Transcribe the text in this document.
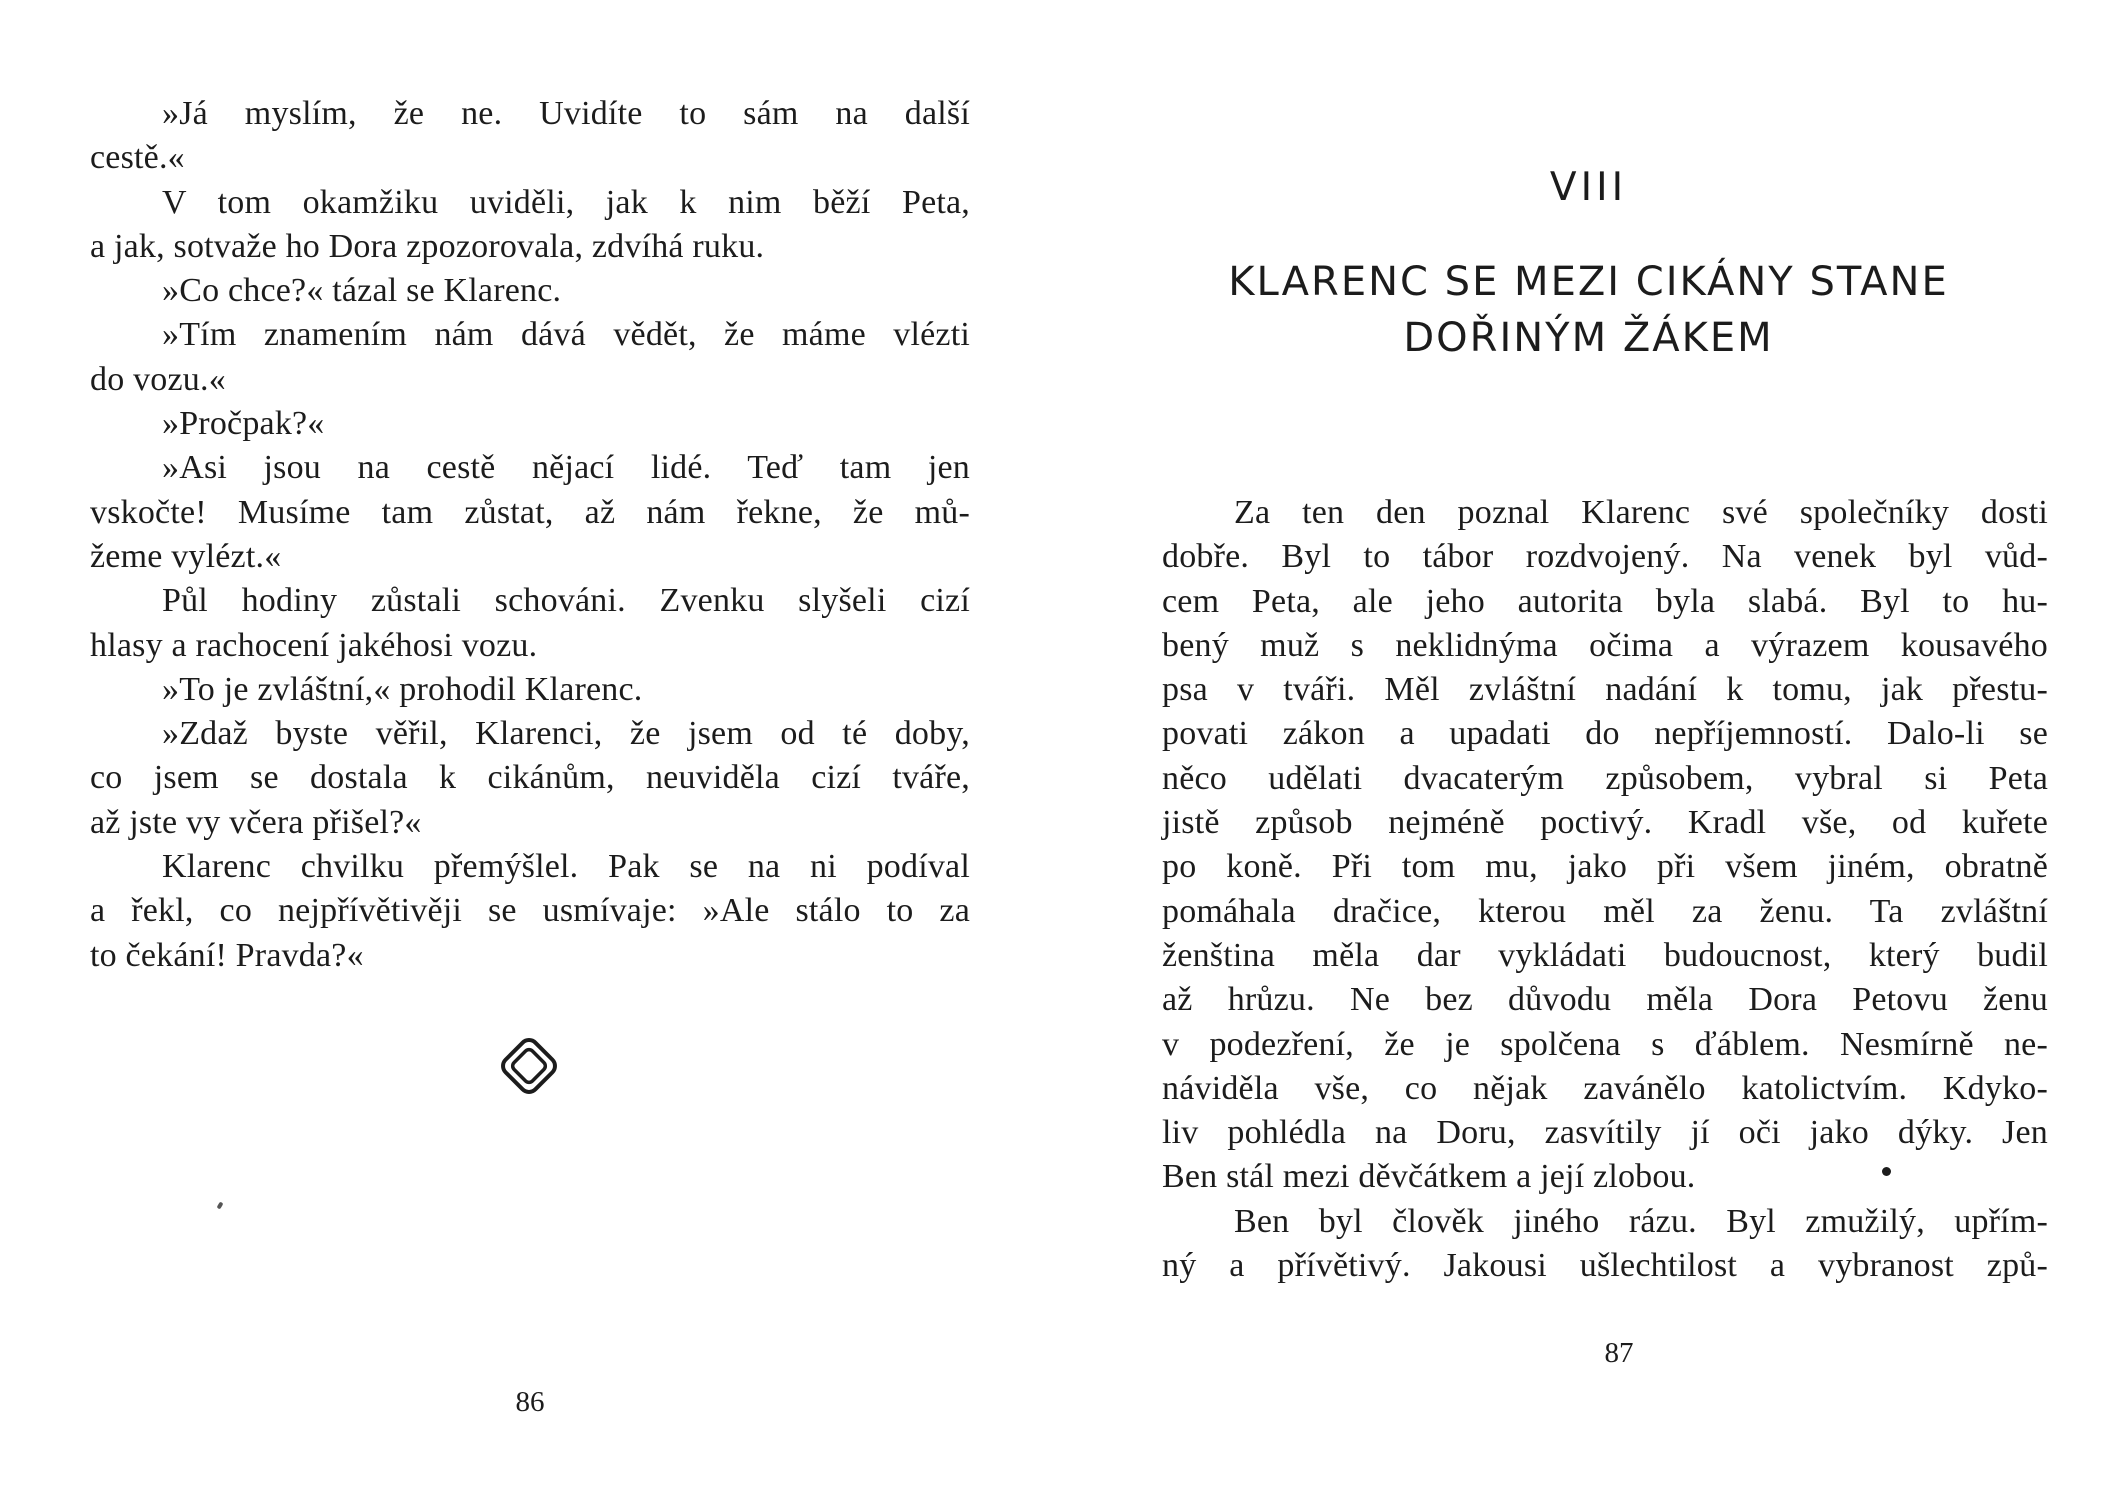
»Já myslím, že ne. Uvidíte to sám na další
cestě.«
V tom okamžiku uviděli, jak k nim běží Peta,
a jak, sotvaže ho Dora zpozorovala, zdvíhá ruku.
»Co chce?« tázal se Klarenc.
»Tím znamením nám dává vědět, že máme vlézti
do vozu.«
»Pročpak?«
»Asi jsou na cestě nějací lidé. Teď tam jen
vskočte! Musíme tam zůstat, až nám řekne, že mů-
žeme vylézt.«
Půl hodiny zůstali schováni. Zvenku slyšeli cizí
hlasy a rachocení jakéhosi vozu.
»To je zvláštní,« prohodil Klarenc.
»Zdaž byste věřil, Klarenci, že jsem od té doby,
co jsem se dostala k cikánům, neuviděla cizí tváře,
až jste vy včera přišel?«
Klarenc chvilku přemýšlel. Pak se na ni podíval
a řekl, co nejpřívětivěji se usmívaje: »Ale stálo to za
to čekání! Pravda?«
86
VIII
KLARENC SE MEZI CIKÁNY STANE
DOŘINÝM ŽÁKEM
Za ten den poznal Klarenc své společníky dosti
dobře. Byl to tábor rozdvojený. Na venek byl vůd-
cem Peta, ale jeho autorita byla slabá. Byl to hu-
bený muž s neklidnýma očima a výrazem kousavého
psa v tváři. Měl zvláštní nadání k tomu, jak přestu-
povati zákon a upadati do nepříjemností. Dalo-li se
něco udělati dvacaterým způsobem, vybral si Peta
jistě způsob nejméně poctivý. Kradl vše, od kuřete
po koně. Při tom mu, jako při všem jiném, obratně
pomáhala dračice, kterou měl za ženu. Ta zvláštní
ženština měla dar vykládati budoucnost, který budil
až hrůzu. Ne bez důvodu měla Dora Petovu ženu
v podezření, že je spolčena s ďáblem. Nesmírně ne-
náviděla vše, co nějak zavánělo katolictvím. Kdyko-
liv pohlédla na Doru, zasvítily jí oči jako dýky. Jen
Ben stál mezi děvčátkem a její zlobou.
Ben byl člověk jiného rázu. Byl zmužilý, upřím-
ný a přívětivý. Jakousi ušlechtilost a vybranost způ-
87
